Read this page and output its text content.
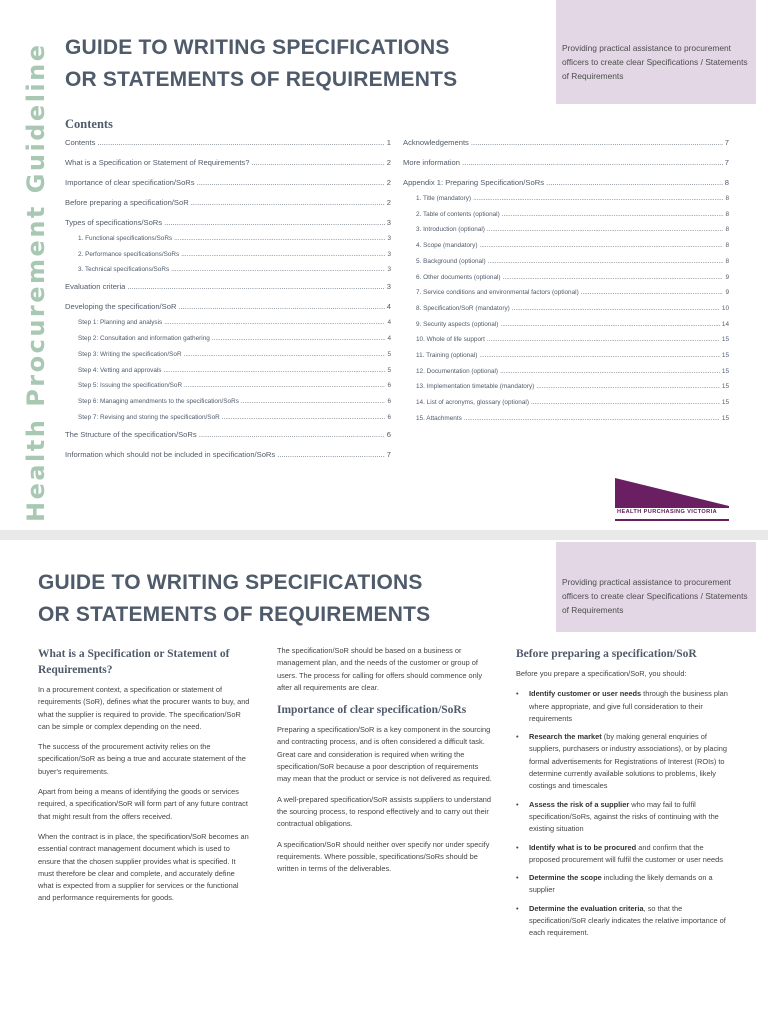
Health Procurement Guideline GUIDE TO WRITING SPECIFICATIONS
OR STATEMENTS OF REQUIREMENTS
Providing practical assistance to procurement officers to create clear Specifications / Statements of Requirements
Contents
Contents .....	1
What is a Specification or Statement of Requirements? .....	2
Importance of clear specification/SoRs .....	2
Before preparing a specification/SoR .....	2
Types of specifications/SoRs .....	3
1. Functional specifications/SoRs .....	3
2. Performance specifications/SoRs .....	3
3. Technical specifications/SoRs .....	3
Evaluation criteria .....	3
Developing the specification/SoR .....	4
Step 1: Planning and analysis .....	4
Step 2: Consultation and information gathering .....	4
Step 3: Writing the specification/SoR .....	5
Step 4: Vetting and approvals .....	5
Step 5: Issuing the specification/SoR .....	6
Step 6: Managing amendments to the specification/SoRs .....	6
Step 7: Revising and storing the specification/SoR .....	6
The Structure of the specification/SoRs .....	6
Information which should not be included in specification/SoRs .....	7
Acknowledgements .....	7
More information .....	7
Appendix 1: Preparing Specification/SoRs .....	8
1. Title (mandatory) .....	8
2. Table of contents (optional) .....	8
3. Introduction (optional) .....	8
4. Scope (mandatory) .....	8
5. Background (optional) .....	8
6. Other documents (optional) .....	9
7. Service conditions and environmental factors (optional) .....	9
8. Specification/SoR (mandatory) .....	10
9. Security aspects (optional) .....	14
10. Whole of life support .....	15
11. Training (optional) .....	15
12. Documentation (optional) .....	15
13. Implementation timetable (mandatory) .....	15
14. List of acronyms, glossary (optional) .....	15
15. Attachments .....	15
HEALTH PURCHASING VICTORIA
GUIDE TO WRITING SPECIFICATIONS
OR STATEMENTS OF REQUIREMENTS
Providing practical assistance to procurement officers to create clear Specifications / Statements of Requirements
What is a Specification or Statement of Requirements?

In a procurement context, a specification or statement of requirements (SoR), defines what the procurer wants to buy, and what the supplier is required to provide. The specification/SoR can be simple or complex depending on the need.

The success of the procurement activity relies on the specification/SoR as being a true and accurate statement of the buyer's requirements.

Apart from being a means of identifying the goods or services required, a specification/SoR will form part of any future contract that might result from the offers received.

When the contract is in place, the specification/SoR becomes an essential contract management document which is used to ensure that the chosen supplier provides what is specified. It must therefore be clear and complete, and accurately define what is expected from a supplier for services or the functional and performance requirements for goods.

The specification/SoR should be based on a business or management plan, and the needs of the customer or group of users. The process for calling for offers should commence only after all requirements are clear.

Importance of clear specification/SoRs

Preparing a specification/SoR is a key component in the sourcing and contracting process, and is often considered a difficult task. Great care and consideration is required when writing the specification/SoR because a poor description of requirements may mean that the product or service is not delivered as required.

A well-prepared specification/SoR assists suppliers to understand the sourcing process, to respond effectively and to carry out their contractual obligations.

A specification/SoR should neither over specify nor under specify requirements. Where possible, specifications/SoRs should be written in terms of the deliverables.

Before preparing a specification/SoR

Before you prepare a specification/SoR, you should:

• Identify customer or user needs through the business plan where appropriate, and give full consideration to their requirements
• Research the market (by making general enquiries of suppliers, purchasers or industry associations), or by placing formal advertisements for Registrations of Interest (ROIs) to determine currently available solutions to problems, likely costings and timescales
• Assess the risk of a supplier who may fail to fulfil specification/SoRs, against the risks of continuing with the existing situation
• Identify what is to be procured and confirm that the proposed procurement will fulfil the customer or user needs
• Determine the scope including the likely demands on a supplier
• Determine the evaluation criteria, so that the specification/SoR clearly indicates the relative importance of each requirement.
